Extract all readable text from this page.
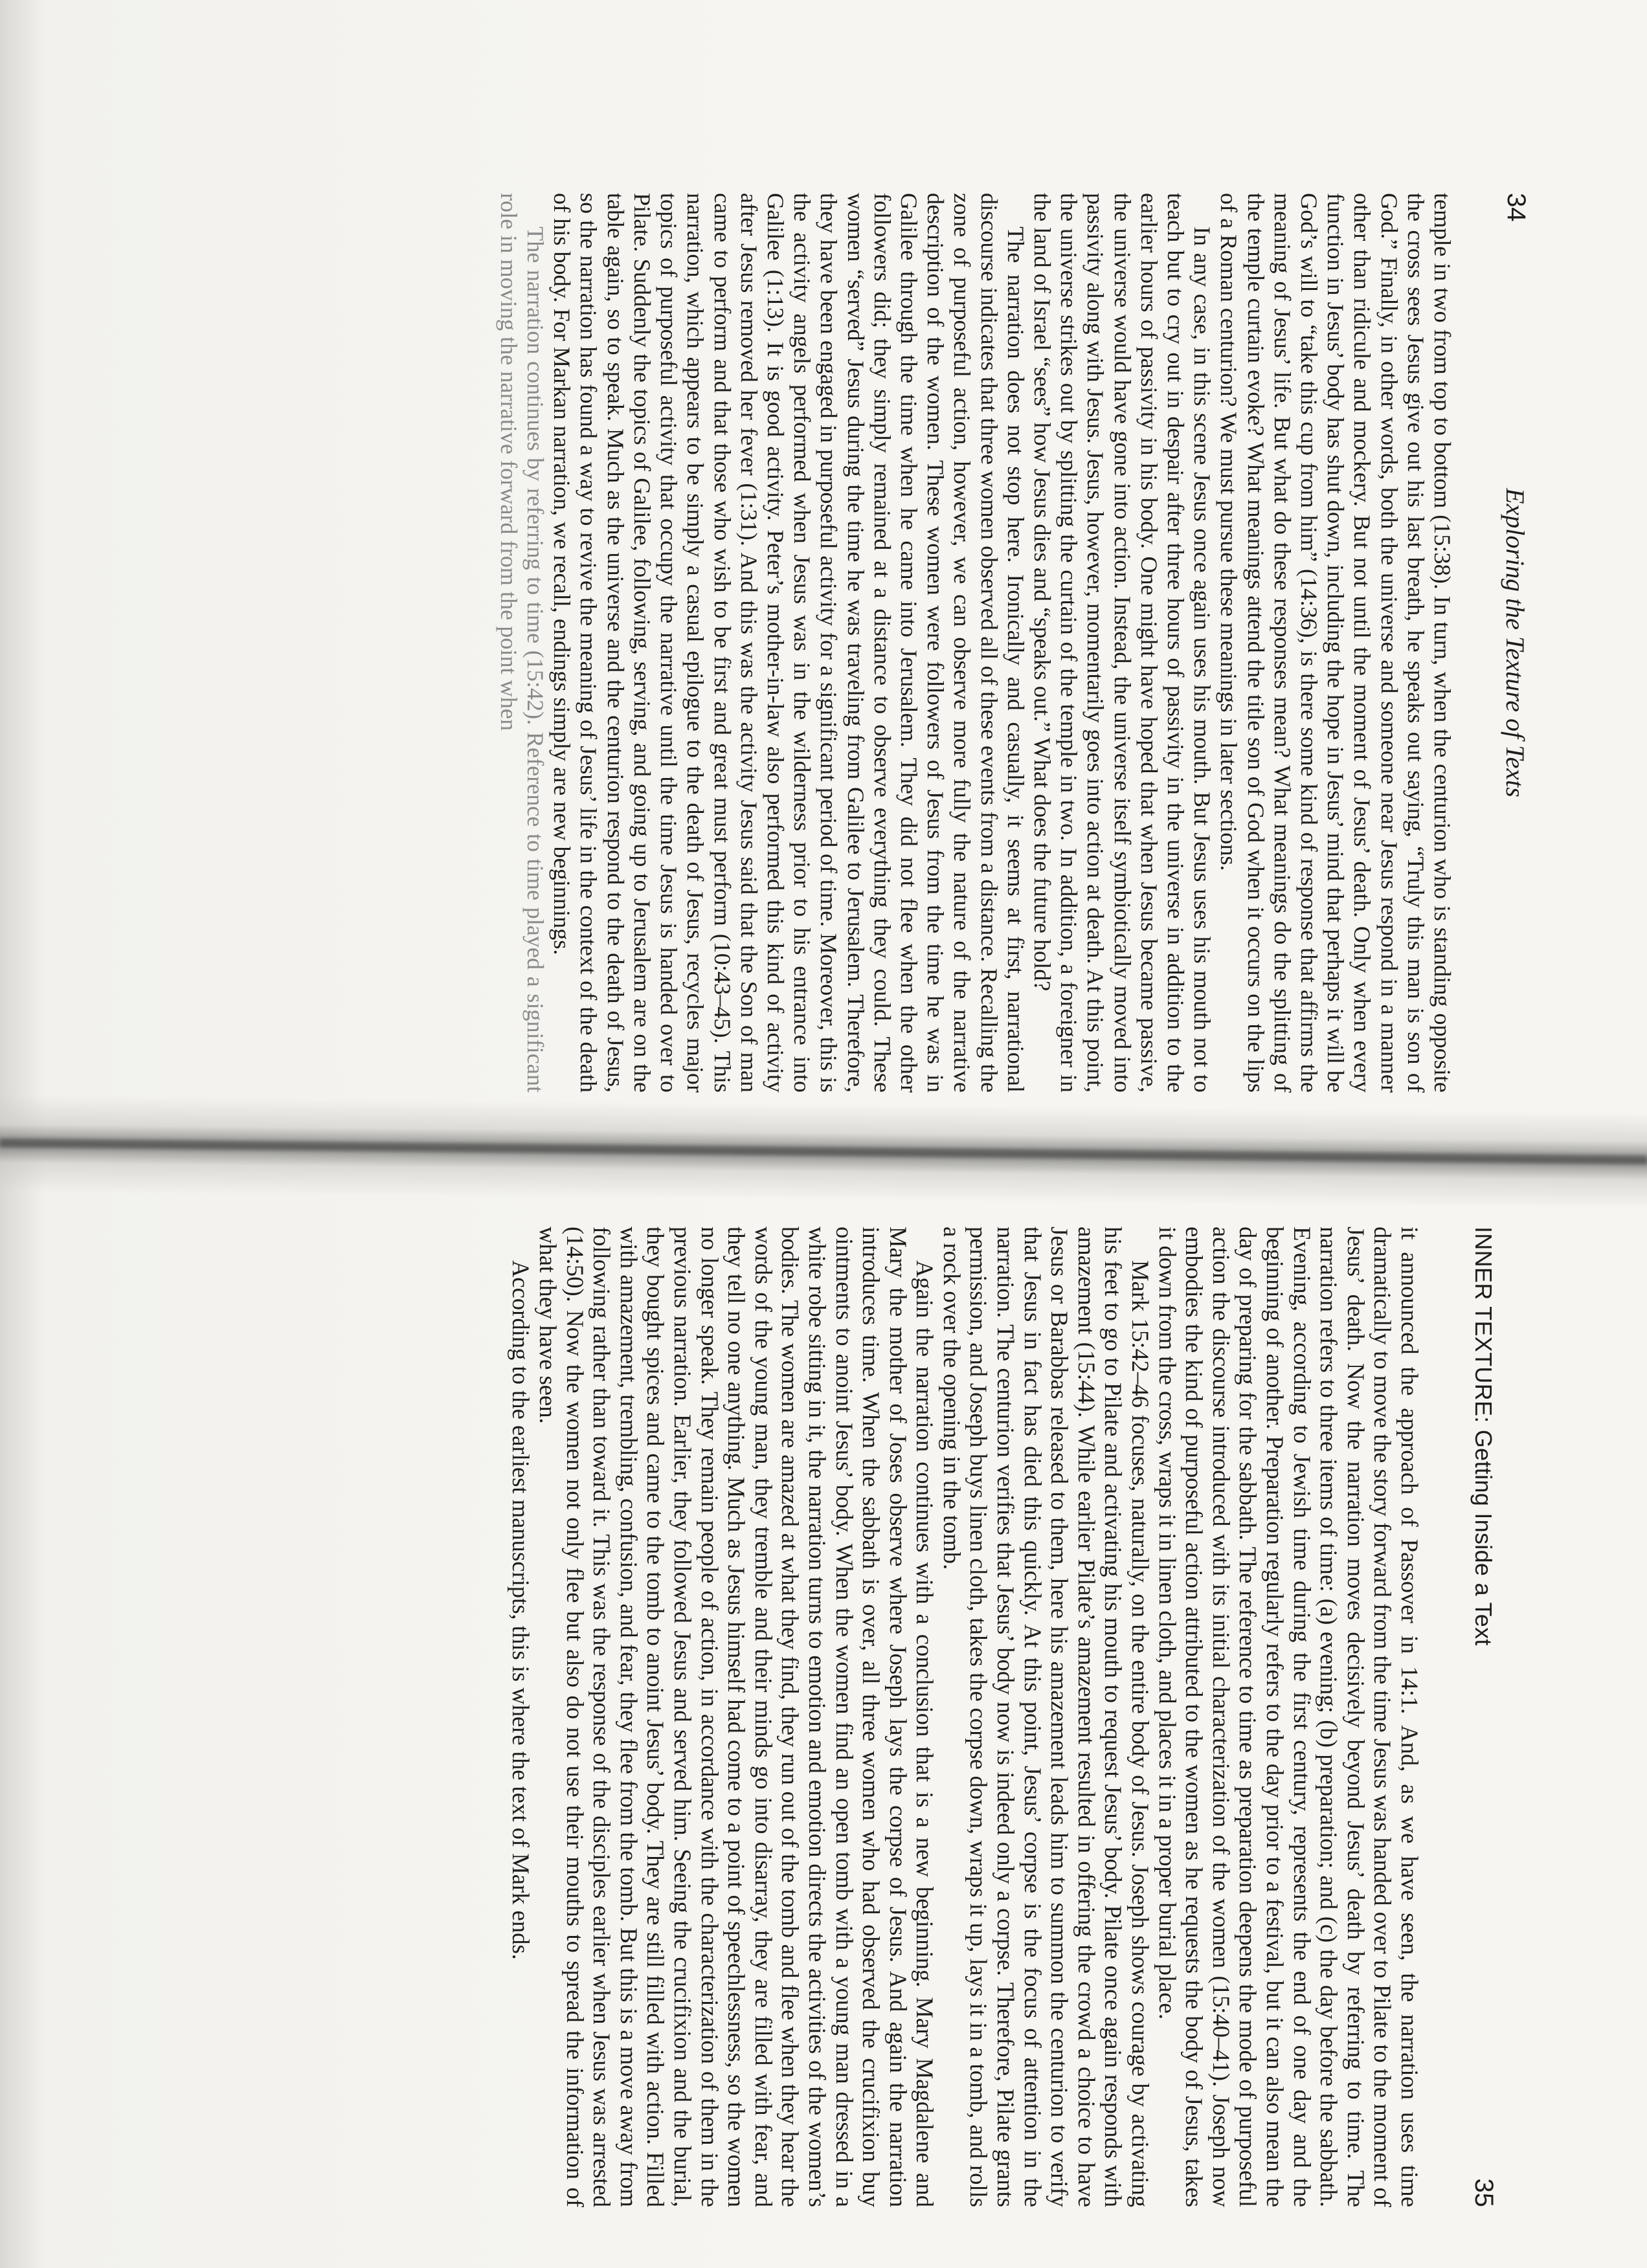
34
Exploring the Texture of Texts

temple in two from top to bottom (15:38). In turn, when the centurion who is standing opposite the cross sees Jesus give out his last breath, he speaks out saying, “Truly this man is son of God.” Finally, in other words, both the universe and someone near Jesus respond in a manner other than ridicule and mockery. But not until the moment of Jesus’ death. Only when every function in Jesus’ body has shut down, including the hope in Jesus’ mind that perhaps it will be God’s will to “take this cup from him” (14:36), is there some kind of response that affirms the meaning of Jesus’ life. But what do these responses mean? What meanings do the splitting of the temple curtain evoke? What meanings attend the title son of God when it occurs on the lips of a Roman centurion? We must pursue these meanings in later sections.

In any case, in this scene Jesus once again uses his mouth. But Jesus uses his mouth not to teach but to cry out in despair after three hours of passivity in the universe in addition to the earlier hours of passivity in his body. One might have hoped that when Jesus became passive, the universe would have gone into action. Instead, the universe itself symbiotically moved into passivity along with Jesus. Jesus, however, momentarily goes into action at death. At this point, the universe strikes out by splitting the curtain of the temple in two. In addition, a foreigner in the land of Israel “sees” how Jesus dies and “speaks out.” What does the future hold?

The narration does not stop here. Ironically and casually, it seems at first, narrational discourse indicates that three women observed all of these events from a distance. Recalling the zone of purposeful action, however, we can observe more fully the nature of the narrative description of the women. These women were followers of Jesus from the time he was in Galilee through the time when he came into Jerusalem. They did not flee when the other followers did; they simply remained at a distance to observe everything they could. These women “served” Jesus during the time he was traveling from Galilee to Jerusalem. Therefore, they have been engaged in purposeful activity for a significant period of time. Moreover, this is the activity angels performed when Jesus was in the wilderness prior to his entrance into Galilee (1:13). It is good activity. Peter’s mother-in-law also performed this kind of activity after Jesus removed her fever (1:31). And this was the activity Jesus said that the Son of man came to perform and that those who wish to be first and great must perform (10:43–45). This narration, which appears to be simply a casual epilogue to the death of Jesus, recycles major topics of purposeful activity that occupy the narrative until the time Jesus is handed over to Pilate. Suddenly the topics of Galilee, following, serving, and going up to Jerusalem are on the table again, so to speak. Much as the universe and the centurion respond to the death of Jesus, so the narration has found a way to revive the meaning of Jesus’ life in the context of the death of his body. For Markan narration, we recall, endings simply are new beginnings.

The narration continues by referring to time (15:42). Reference to time played a significant role in moving the narrative forward from the point when

INNER TEXTURE: Getting Inside a Text
35

it announced the approach of Passover in 14:1. And, as we have seen, the narration uses time dramatically to move the story forward from the time Jesus was handed over to Pilate to the moment of Jesus’ death. Now the narration moves decisively beyond Jesus’ death by referring to time. The narration refers to three items of time: (a) evening; (b) preparation; and (c) the day before the sabbath. Evening, according to Jewish time during the first century, represents the end of one day and the beginning of another. Preparation regularly refers to the day prior to a festival, but it can also mean the day of preparing for the sabbath. The reference to time as preparation deepens the mode of purposeful action the discourse introduced with its initial characterization of the women (15:40–41). Joseph now embodies the kind of purposeful action attributed to the women as he requests the body of Jesus, takes it down from the cross, wraps it in linen cloth, and places it in a proper burial place.

Mark 15:42–46 focuses, naturally, on the entire body of Jesus. Joseph shows courage by activating his feet to go to Pilate and activating his mouth to request Jesus’ body. Pilate once again responds with amazement (15:44). While earlier Pilate’s amazement resulted in offering the crowd a choice to have Jesus or Barabbas released to them, here his amazement leads him to summon the centurion to verify that Jesus in fact has died this quickly. At this point, Jesus’ corpse is the focus of attention in the narration. The centurion verifies that Jesus’ body now is indeed only a corpse. Therefore, Pilate grants permission, and Joseph buys linen cloth, takes the corpse down, wraps it up, lays it in a tomb, and rolls a rock over the opening in the tomb.

Again the narration continues with a conclusion that is a new beginning. Mary Magdalene and Mary the mother of Joses observe where Joseph lays the corpse of Jesus. And again the narration introduces time. When the sabbath is over, all three women who had observed the crucifixion buy ointments to anoint Jesus’ body. When the women find an open tomb with a young man dressed in a white robe sitting in it, the narration turns to emotion and emotion directs the activities of the women’s bodies. The women are amazed at what they find, they run out of the tomb and flee when they hear the words of the young man, they tremble and their minds go into disarray, they are filled with fear, and they tell no one anything. Much as Jesus himself had come to a point of speechlessness, so the women no longer speak. They remain people of action, in accordance with the characterization of them in the previous narration. Earlier, they followed Jesus and served him. Seeing the crucifixion and the burial, they bought spices and came to the tomb to anoint Jesus’ body. They are still filled with action. Filled with amazement, trembling, confusion, and fear, they flee from the tomb. But this is a move away from following rather than toward it. This was the response of the disciples earlier when Jesus was arrested (14:50). Now the women not only flee but also do not use their mouths to spread the information of what they have seen.

According to the earliest manuscripts, this is where the text of Mark ends.
